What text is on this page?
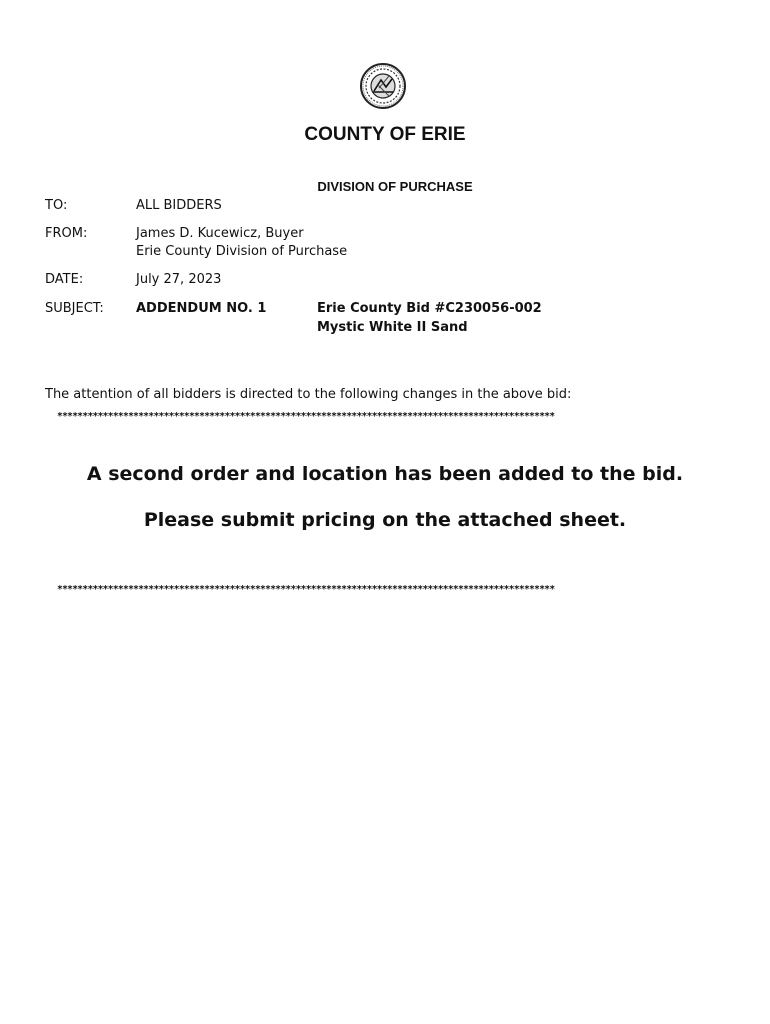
COUNTY OF ERIE
DIVISION OF PURCHASE
TO:	ALL BIDDERS
FROM:	James D. Kucewicz, Buyer
Erie County Division of Purchase
DATE:	July 27, 2023
SUBJECT: ADDENDUM NO. 1	Erie County Bid #C230056-002
Mystic White II Sand
The attention of all bidders is directed to the following changes in the above bid:
**************************************************************************************************
A second order and location has been added to the bid.
Please submit pricing on the attached sheet.
**************************************************************************************************
